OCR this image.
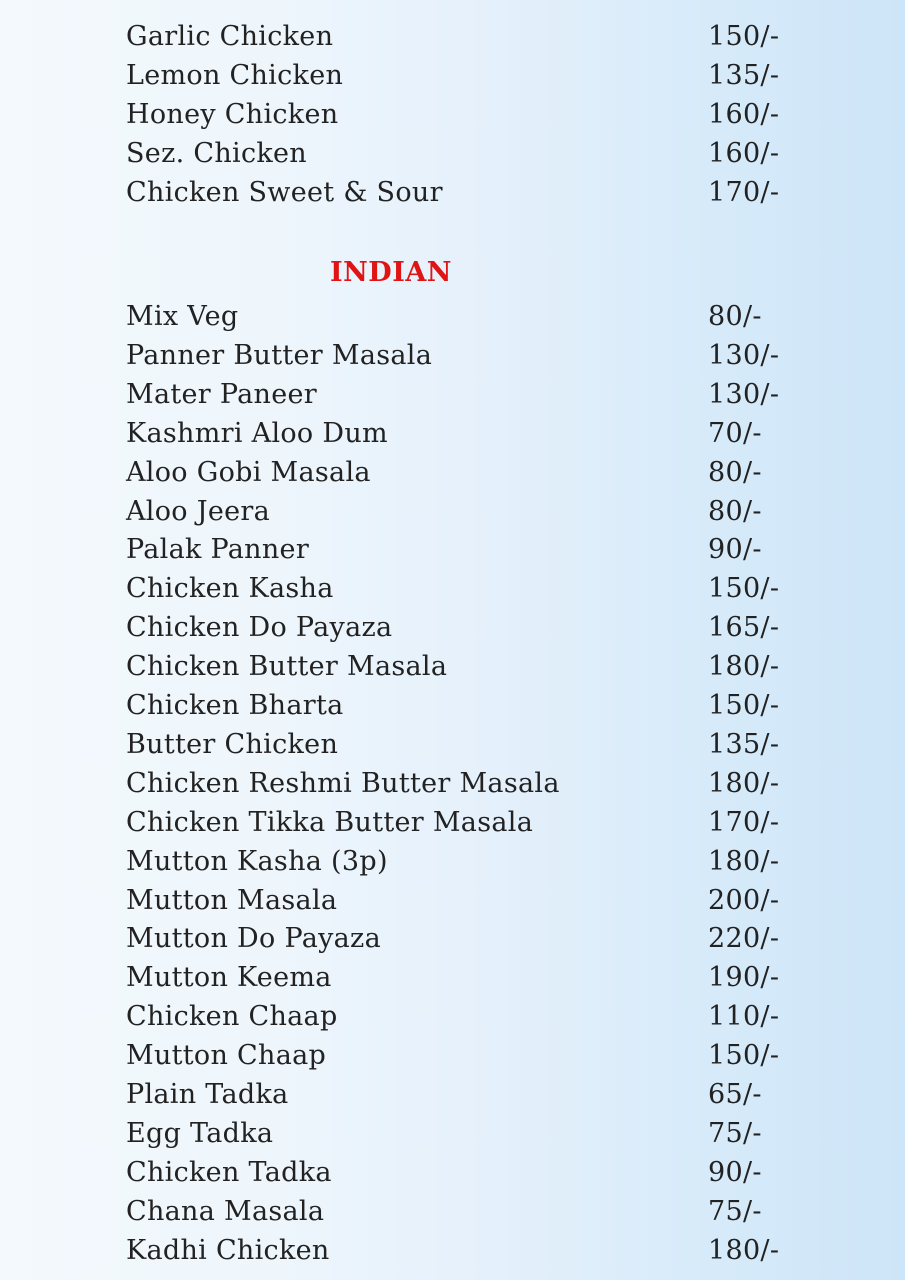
INDIAN
Garlic Chicken	150/-
Lemon Chicken	135/-
Honey Chicken	160/-
Sez. Chicken	160/-
Chicken Sweet & Sour	170/-
Mix Veg	80/-
Panner Butter Masala	130/-
Mater Paneer	130/-
Kashmri Aloo Dum	70/-
Aloo Gobi Masala	80/-
Aloo Jeera	80/-
Palak Panner	90/-
Chicken Kasha	150/-
Chicken Do Payaza	165/-
Chicken Butter Masala	180/-
Chicken Bharta	150/-
Butter Chicken	135/-
Chicken Reshmi Butter Masala	180/-
Chicken Tikka Butter Masala	170/-
Mutton Kasha (3p)	180/-
Mutton Masala	200/-
Mutton Do Payaza	220/-
Mutton Keema	190/-
Chicken Chaap	110/-
Mutton Chaap	150/-
Plain Tadka	65/-
Egg Tadka	75/-
Chicken Tadka	90/-
Chana Masala	75/-
Kadhi Chicken	180/-
